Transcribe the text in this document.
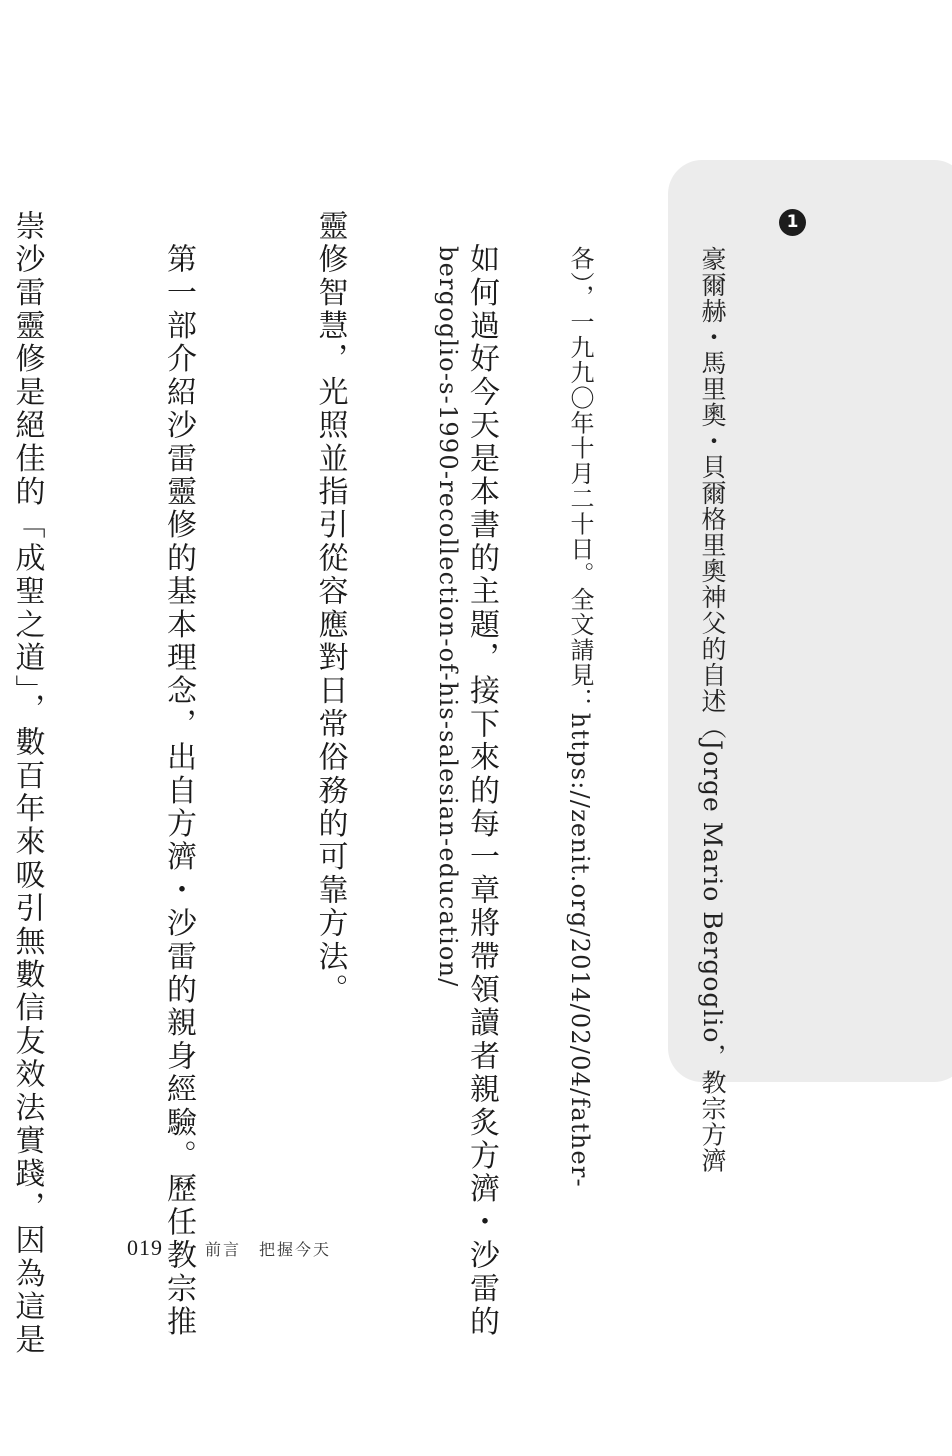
1

豪爾赫・馬里奧・貝爾格里奧神父的自述（Jorge Mario Bergoglio，教宗方濟

各），一九九〇年十月二十日。全文請見：https://zenit.org/2014/02/04/father-

bergoglio-s-1990-recollection-of-his-salesian-education/

　如何過好今天是本書的主題，接下來的每一章將帶領讀者親炙方濟・沙雷的

靈修智慧，光照並指引從容應對日常俗務的可靠方法。

　第一部介紹沙雷靈修的基本理念，出自方濟・沙雷的親身經驗。歷任教宗推

崇沙雷靈修是絕佳的「成聖之道」，數百年來吸引無數信友效法實踐，因為這是

	019	前言　把握今天
